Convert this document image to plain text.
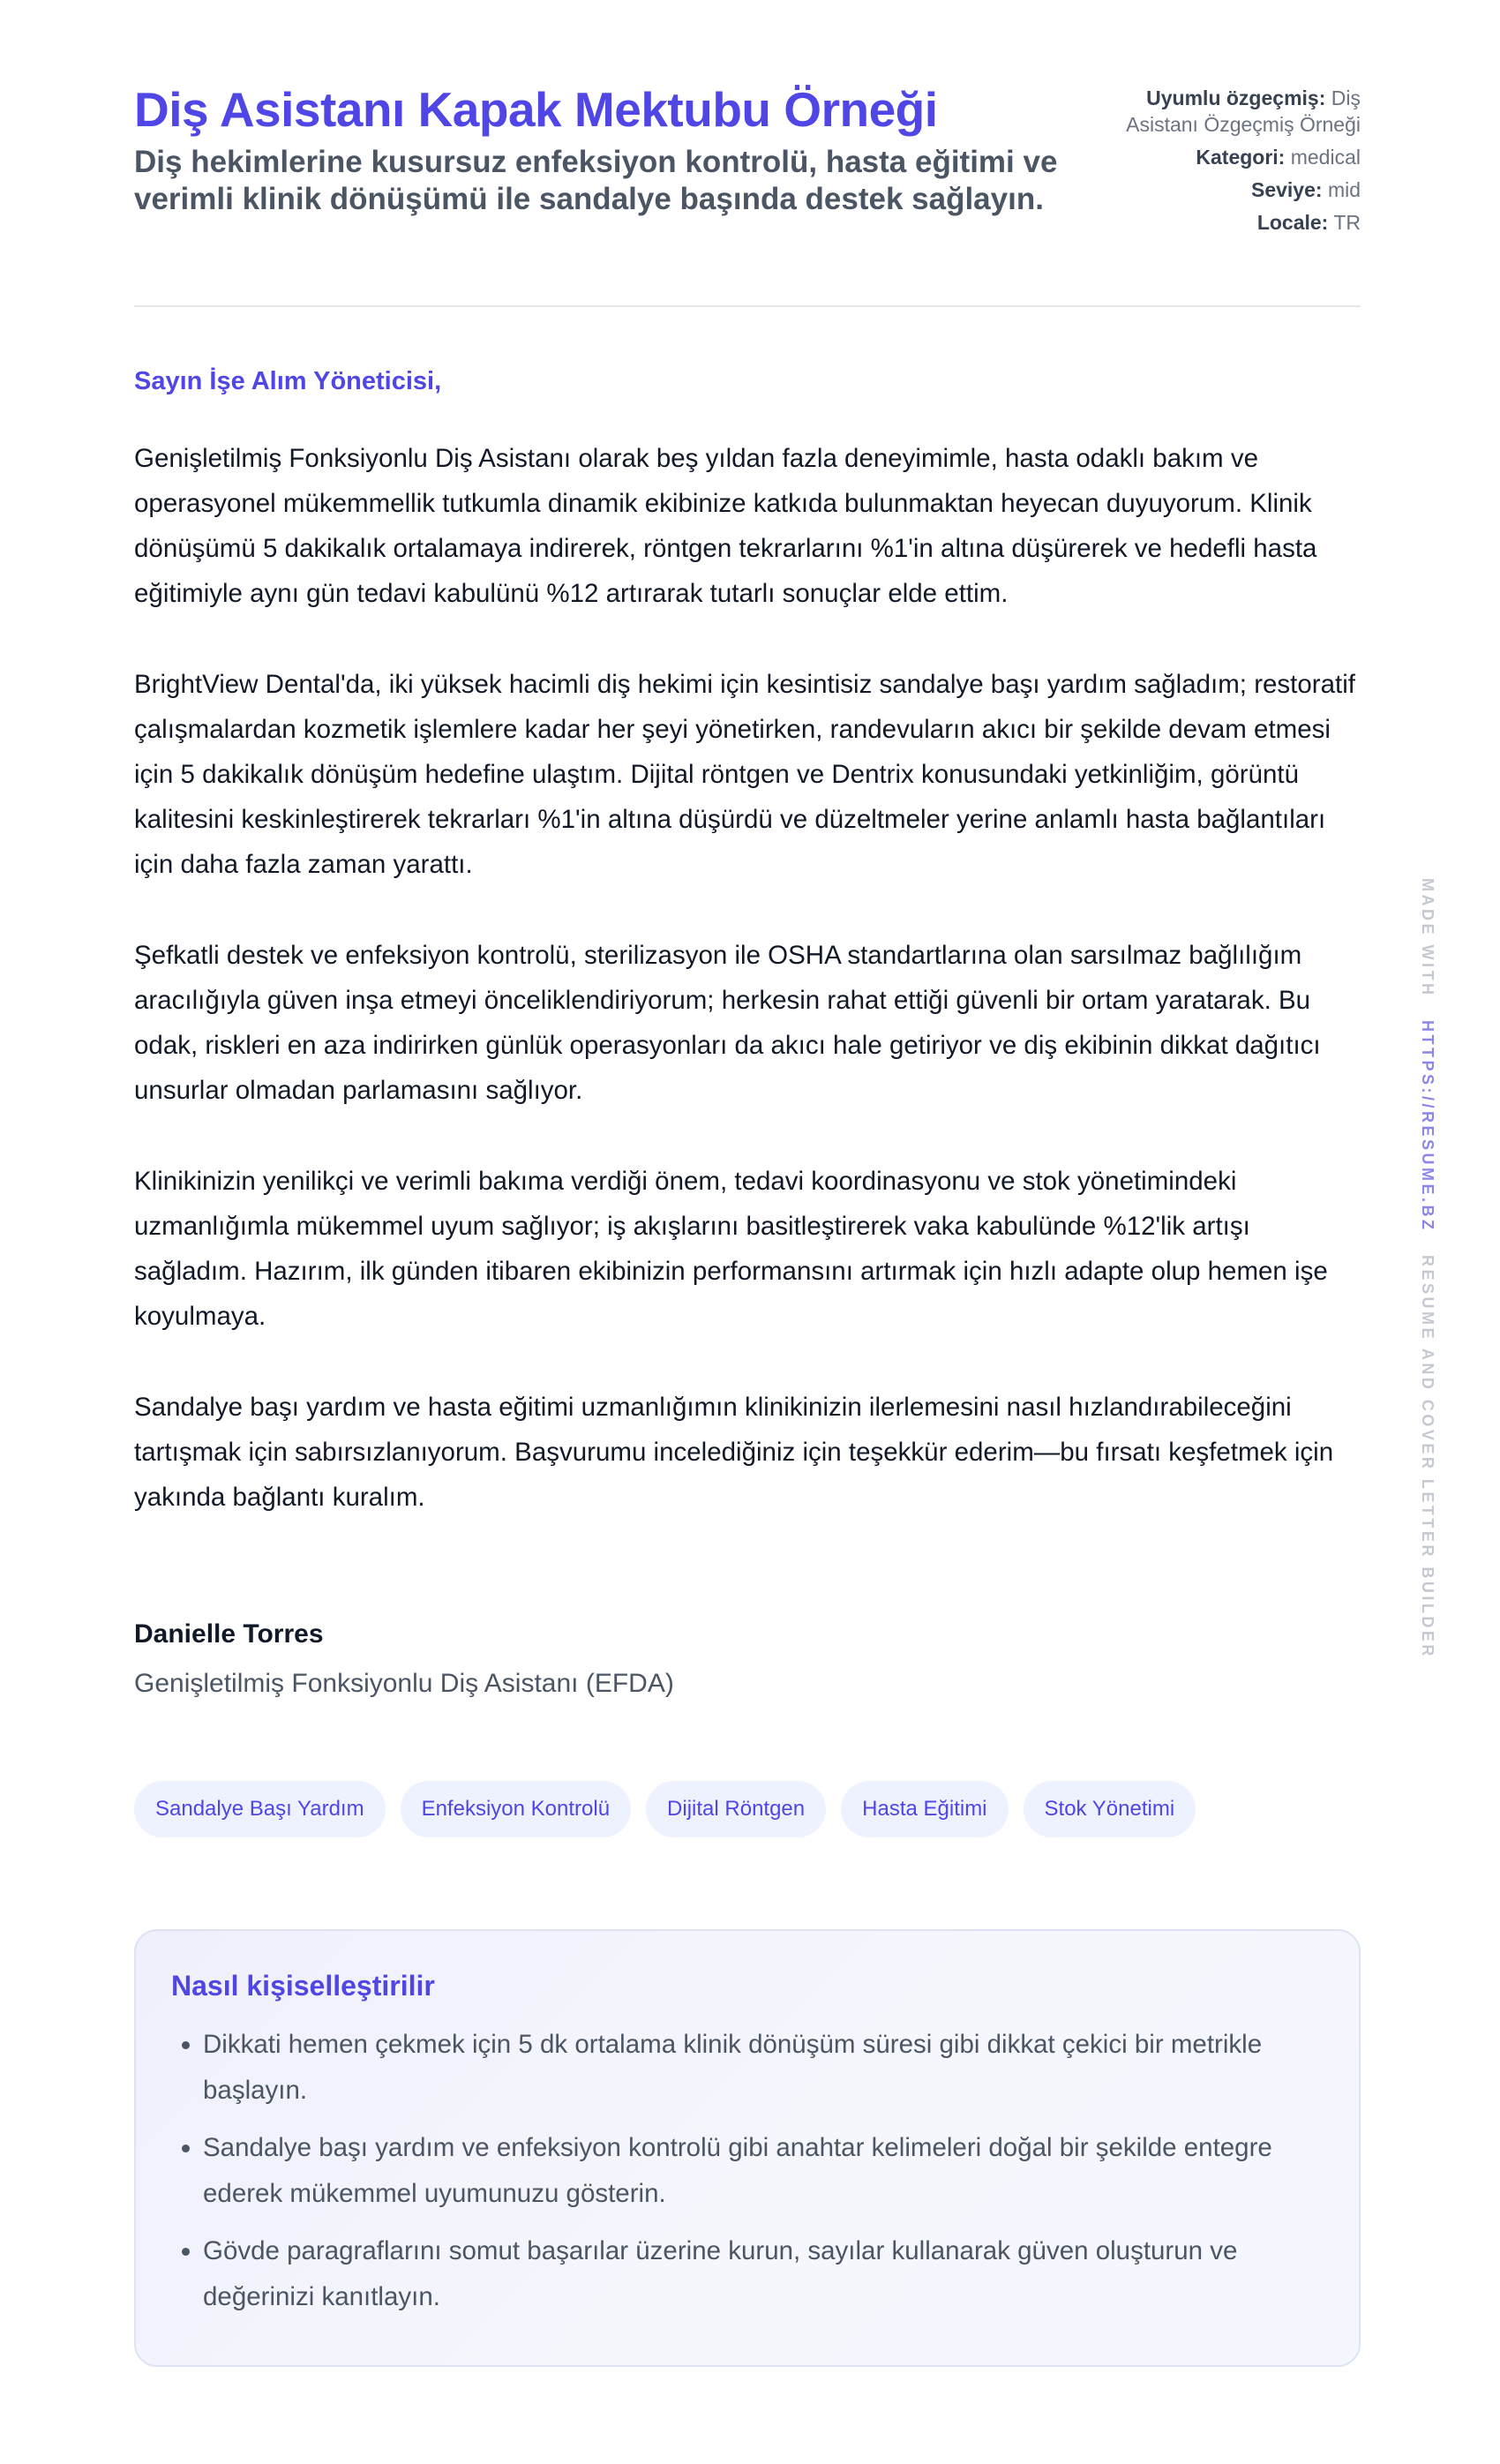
Diş Asistanı Kapak Mektubu Örneği

Diş hekimlerine kusursuz enfeksiyon kontrolü, hasta eğitimi ve verimli klinik dönüşümü ile sandalye başında destek sağlayın.

Uyumlu özgeçmiş: Diş Asistanı Özgeçmiş Örneği
Kategori: medical
Seviye: mid
Locale: TR

Sayın İşe Alım Yöneticisi,

Genişletilmiş Fonksiyonlu Diş Asistanı olarak beş yıldan fazla deneyimimle, hasta odaklı bakım ve operasyonel mükemmellik tutkumla dinamik ekibinize katkıda bulunmaktan heyecan duyuyorum. Klinik dönüşümü 5 dakikalık ortalamaya indirerek, röntgen tekrarlarını %1'in altına düşürerek ve hedefli hasta eğitimiyle aynı gün tedavi kabulünü %12 artırarak tutarlı sonuçlar elde ettim.

BrightView Dental'da, iki yüksek hacimli diş hekimi için kesintisiz sandalye başı yardım sağladım; restoratif çalışmalardan kozmetik işlemlere kadar her şeyi yönetirken, randevuların akıcı bir şekilde devam etmesi için 5 dakikalık dönüşüm hedefine ulaştım. Dijital röntgen ve Dentrix konusundaki yetkinliğim, görüntü kalitesini keskinleştirerek tekrarları %1'in altına düşürdü ve düzeltmeler yerine anlamlı hasta bağlantıları için daha fazla zaman yarattı.

Şefkatli destek ve enfeksiyon kontrolü, sterilizasyon ile OSHA standartlarına olan sarsılmaz bağlılığım aracılığıyla güven inşa etmeyi önceliklendiriyorum; herkesin rahat ettiği güvenli bir ortam yaratarak. Bu odak, riskleri en aza indirirken günlük operasyonları da akıcı hale getiriyor ve diş ekibinin dikkat dağıtıcı unsurlar olmadan parlamasını sağlıyor.

Klinikinizin yenilikçi ve verimli bakıma verdiği önem, tedavi koordinasyonu ve stok yönetimindeki uzmanlığımla mükemmel uyum sağlıyor; iş akışlarını basitleştirerek vaka kabulünde %12'lik artışı sağladım. Hazırım, ilk günden itibaren ekibinizin performansını artırmak için hızlı adapte olup hemen işe koyulmaya.

Sandalye başı yardım ve hasta eğitimi uzmanlığımın klinikinizin ilerlemesini nasıl hızlandırabileceğini tartışmak için sabırsızlanıyorum. Başvurumu incelediğiniz için teşekkür ederim—bu fırsatı keşfetmek için yakında bağlantı kuralım.

Danielle Torres

Genişletilmiş Fonksiyonlu Diş Asistanı (EFDA)

Sandalye Başı Yardım	Enfeksiyon Kontrolü	Dijital Röntgen	Hasta Eğitimi	Stok Yönetimi
Nasıl kişiselleştirilir
• Dikkati hemen çekmek için 5 dk ortalama klinik dönüşüm süresi gibi dikkat çekici bir metrikle başlayın.
• Sandalye başı yardım ve enfeksiyon kontrolü gibi anahtar kelimeleri doğal bir şekilde entegre ederek mükemmel uyumunuzu gösterin.
• Gövde paragraflarını somut başarılar üzerine kurun, sayılar kullanarak güven oluşturun ve değerinizi kanıtlayın.
MADE WITH   HTTPS://RESUME.BZ   RESUME AND COVER LETTER BUILDER
